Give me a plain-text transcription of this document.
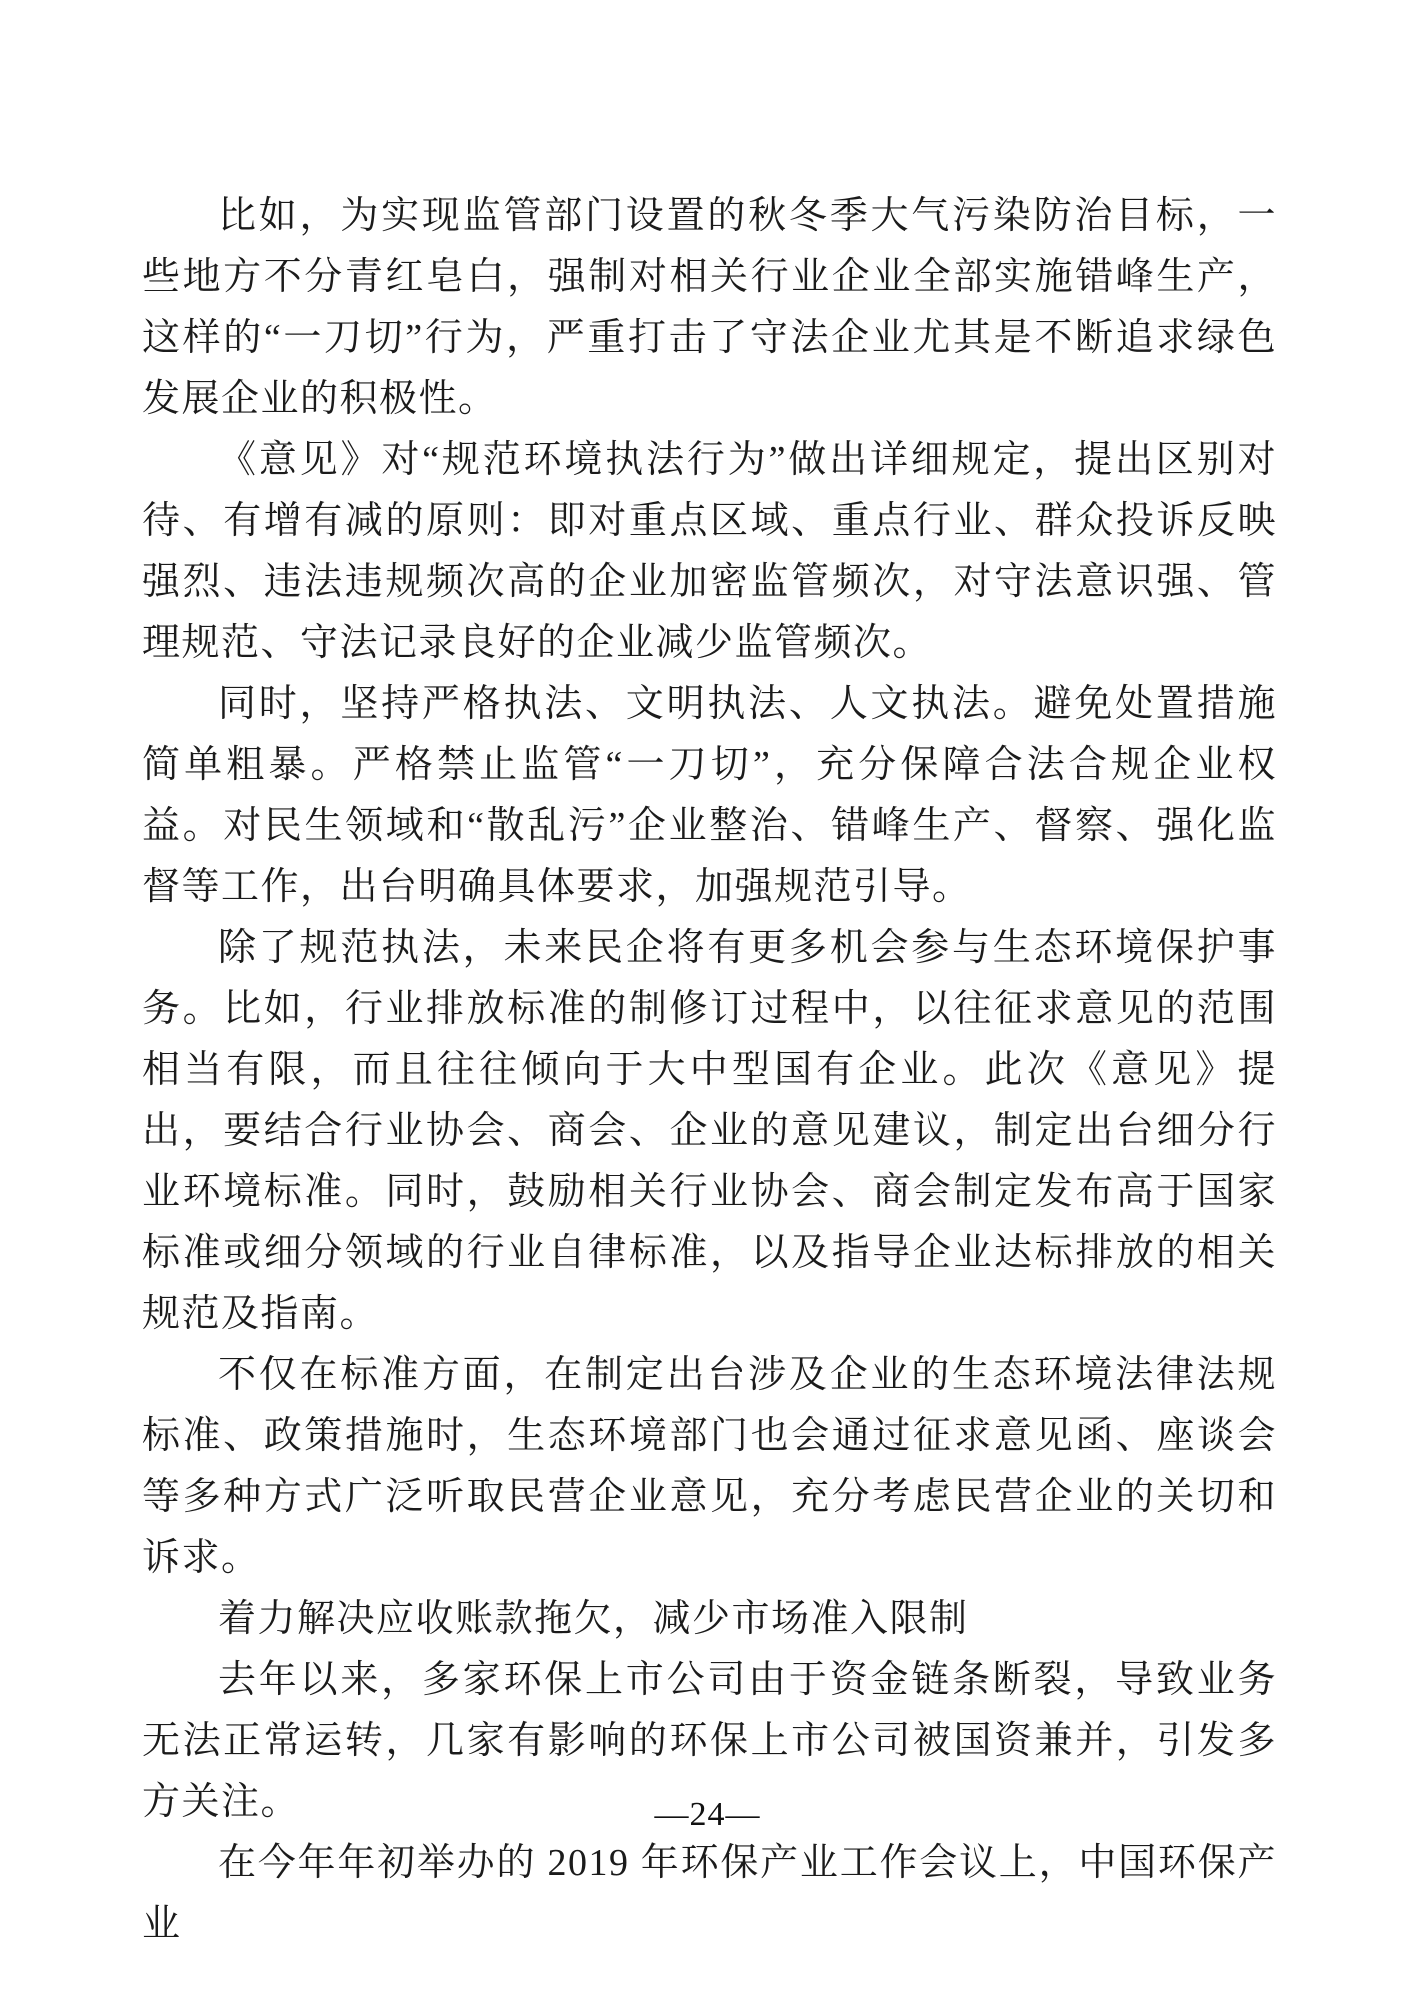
比如，为实现监管部门设置的秋冬季大气污染防治目标，一些地方不分青红皂白，强制对相关行业企业全部实施错峰生产，这样的“一刀切”行为，严重打击了守法企业尤其是不断追求绿色发展企业的积极性。

《意见》对“规范环境执法行为”做出详细规定，提出区别对待、有增有减的原则：即对重点区域、重点行业、群众投诉反映强烈、违法违规频次高的企业加密监管频次，对守法意识强、管理规范、守法记录良好的企业减少监管频次。

同时，坚持严格执法、文明执法、人文执法。避免处置措施简单粗暴。严格禁止监管“一刀切”，充分保障合法合规企业权益。对民生领域和“散乱污”企业整治、错峰生产、督察、强化监督等工作，出台明确具体要求，加强规范引导。

除了规范执法，未来民企将有更多机会参与生态环境保护事务。比如，行业排放标准的制修订过程中，以往征求意见的范围相当有限，而且往往倾向于大中型国有企业。此次《意见》提出，要结合行业协会、商会、企业的意见建议，制定出台细分行业环境标准。同时，鼓励相关行业协会、商会制定发布高于国家标准或细分领域的行业自律标准，以及指导企业达标排放的相关规范及指南。

不仅在标准方面，在制定出台涉及企业的生态环境法律法规标准、政策措施时，生态环境部门也会通过征求意见函、座谈会等多种方式广泛听取民营企业意见，充分考虑民营企业的关切和诉求。

着力解决应收账款拖欠，减少市场准入限制

去年以来，多家环保上市公司由于资金链条断裂，导致业务无法正常运转，几家有影响的环保上市公司被国资兼并，引发多方关注。

在今年年初举办的 2019 年环保产业工作会议上，中国环保产业

—24—
